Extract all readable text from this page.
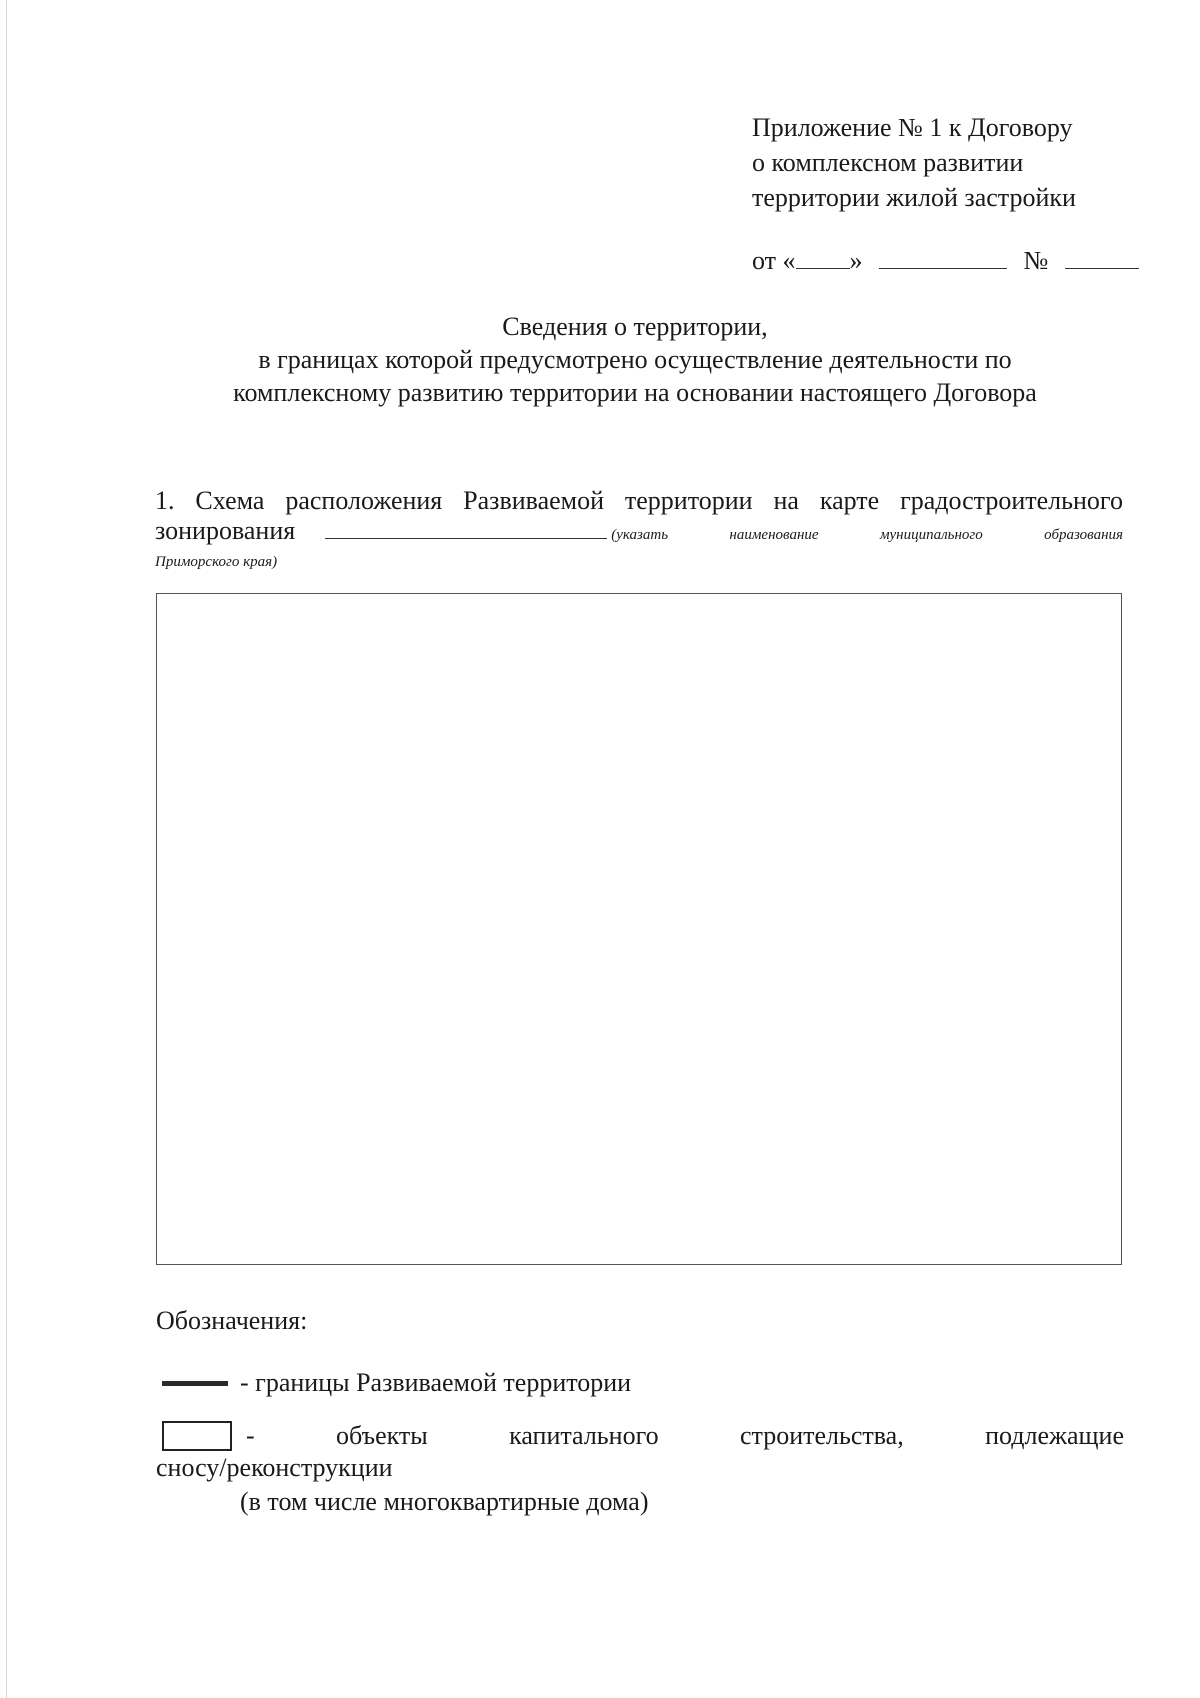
Приложение № 1 к Договору
о комплексном развитии
территории жилой застройки
от « »	№
Сведения о территории,
в границах которой предусмотрено осуществление деятельности по
комплексному развитию территории на основании настоящего Договора
1. Схема расположения Развиваемой территории на карте градостроительного
зонирования	(указать	наименование	муниципального	образования
Приморского края)
Обозначения:
- границы Развиваемой территории
-	объекты	капитального	строительства,	подлежащие
сносу/реконструкции
(в том числе многоквартирные дома)
